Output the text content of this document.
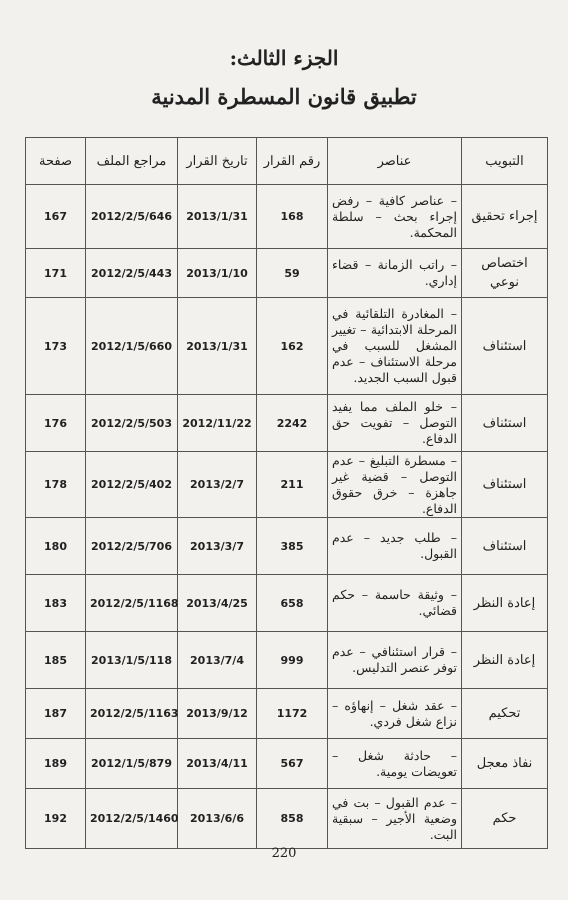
الجزء الثالث:
تطبيق قانون المسطرة المدنية
التبويب	عناصر	رقم القرار	تاريخ القرار	مراجع الملف	صفحة
إجراء تحقيق	– عناصر كافية – رفض إجراء بحث – سلطة المحكمة.	168	2013/1/31	2012/2/5/646	167
اختصاص نوعي	– راتب الزمانة – قضاء إداري.	59	2013/1/10	2012/2/5/443	171
استئناف	– المغادرة التلقائية في المرحلة الابتدائية – تغيير المشغل للسبب في مرحلة الاستئناف – عدم قبول السبب الجديد.	162	2013/1/31	2012/1/5/660	173
استئناف	– خلو الملف مما يفيد التوصل – تفويت حق الدفاع.	2242	2012/11/22	2012/2/5/503	176
استئناف	– مسطرة التبليغ – عدم التوصل – قضية غير جاهزة – خرق حقوق الدفاع.	211	2013/2/7	2012/2/5/402	178
استئناف	– طلب جديد – عدم القبول.	385	2013/3/7	2012/2/5/706	180
إعادة النظر	– وثيقة حاسمة – حكم قضائي.	658	2013/4/25	2012/2/5/1168	183
إعادة النظر	– قرار استئنافي – عدم توفر عنصر التدليس.	999	2013/7/4	2013/1/5/118	185
تحكيم	– عقد شغل – إنهاؤه – نزاع شغل فردي.	1172	2013/9/12	2012/2/5/1163	187
نفاذ معجل	– حادثة شغل – تعويضات يومية.	567	2013/4/11	2012/1/5/879	189
حكم	– عدم القبول – بت في وضعية الأجير – سبقية البت.	858	2013/6/6	2012/2/5/1460	192
220
